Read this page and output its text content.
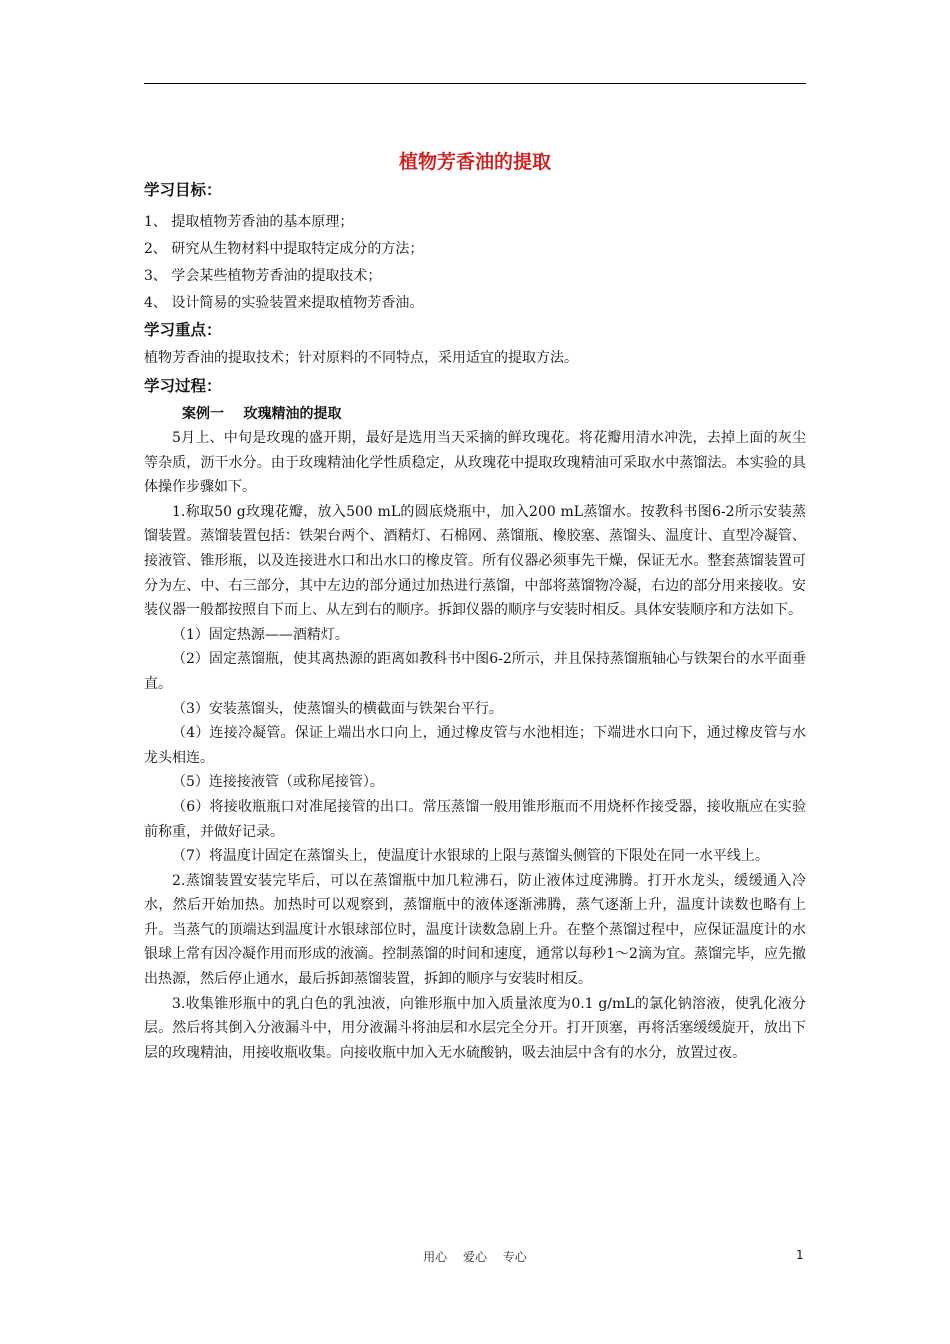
植物芳香油的提取

学习目标：

1、 提取植物芳香油的基本原理；

2、 研究从生物材料中提取特定成分的方法；

3、 学会某些植物芳香油的提取技术；

4、 设计简易的实验装置来提取植物芳香油。

学习重点：

植物芳香油的提取技术；针对原料的不同特点，采用适宜的提取方法。

学习过程：

案例一    玫瑰精油的提取

5月上、中旬是玫瑰的盛开期，最好是选用当天采摘的鲜玫瑰花。将花瓣用清水冲洗，去掉上面的灰尘等杂质，沥干水分。由于玫瑰精油化学性质稳定，从玫瑰花中提取玫瑰精油可采取水中蒸馏法。本实验的具体操作步骤如下。

1.称取50 g玫瑰花瓣，放入500 mL的圆底烧瓶中，加入200 mL蒸馏水。按教科书图6-2所示安装蒸馏装置。蒸馏装置包括：铁架台两个、酒精灯、石棉网、蒸馏瓶、橡胶塞、蒸馏头、温度计、直型冷凝管、接液管、锥形瓶，以及连接进水口和出水口的橡皮管。所有仪器必须事先干燥，保证无水。整套蒸馏装置可分为左、中、右三部分，其中左边的部分通过加热进行蒸馏，中部将蒸馏物冷凝，右边的部分用来接收。安装仪器一般都按照自下而上、从左到右的顺序。拆卸仪器的顺序与安装时相反。具体安装顺序和方法如下。

（1）固定热源——酒精灯。

（2）固定蒸馏瓶，使其离热源的距离如教科书中图6-2所示，并且保持蒸馏瓶轴心与铁架台的水平面垂直。

（3）安装蒸馏头，使蒸馏头的横截面与铁架台平行。

（4）连接冷凝管。保证上端出水口向上，通过橡皮管与水池相连；下端进水口向下，通过橡皮管与水龙头相连。

（5）连接接液管（或称尾接管）。

（6）将接收瓶瓶口对准尾接管的出口。常压蒸馏一般用锥形瓶而不用烧杯作接受器，接收瓶应在实验前称重，并做好记录。

（7）将温度计固定在蒸馏头上，使温度计水银球的上限与蒸馏头侧管的下限处在同一水平线上。

2.蒸馏装置安装完毕后，可以在蒸馏瓶中加几粒沸石，防止液体过度沸腾。打开水龙头，缓缓通入冷水，然后开始加热。加热时可以观察到，蒸馏瓶中的液体逐渐沸腾，蒸气逐渐上升，温度计读数也略有上升。当蒸气的顶端达到温度计水银球部位时，温度计读数急剧上升。在整个蒸馏过程中，应保证温度计的水银球上常有因冷凝作用而形成的液滴。控制蒸馏的时间和速度，通常以每秒1～2滴为宜。蒸馏完毕，应先撤出热源，然后停止通水，最后拆卸蒸馏装置，拆卸的顺序与安装时相反。

3.收集锥形瓶中的乳白色的乳浊液，向锥形瓶中加入质量浓度为0.1 g/mL的氯化钠溶液，使乳化液分层。然后将其倒入分液漏斗中，用分液漏斗将油层和水层完全分开。打开顶塞，再将活塞缓缓旋开，放出下层的玫瑰精油，用接收瓶收集。向接收瓶中加入无水硫酸钠，吸去油层中含有的水分，放置过夜。

用心 爱心 专心	1
